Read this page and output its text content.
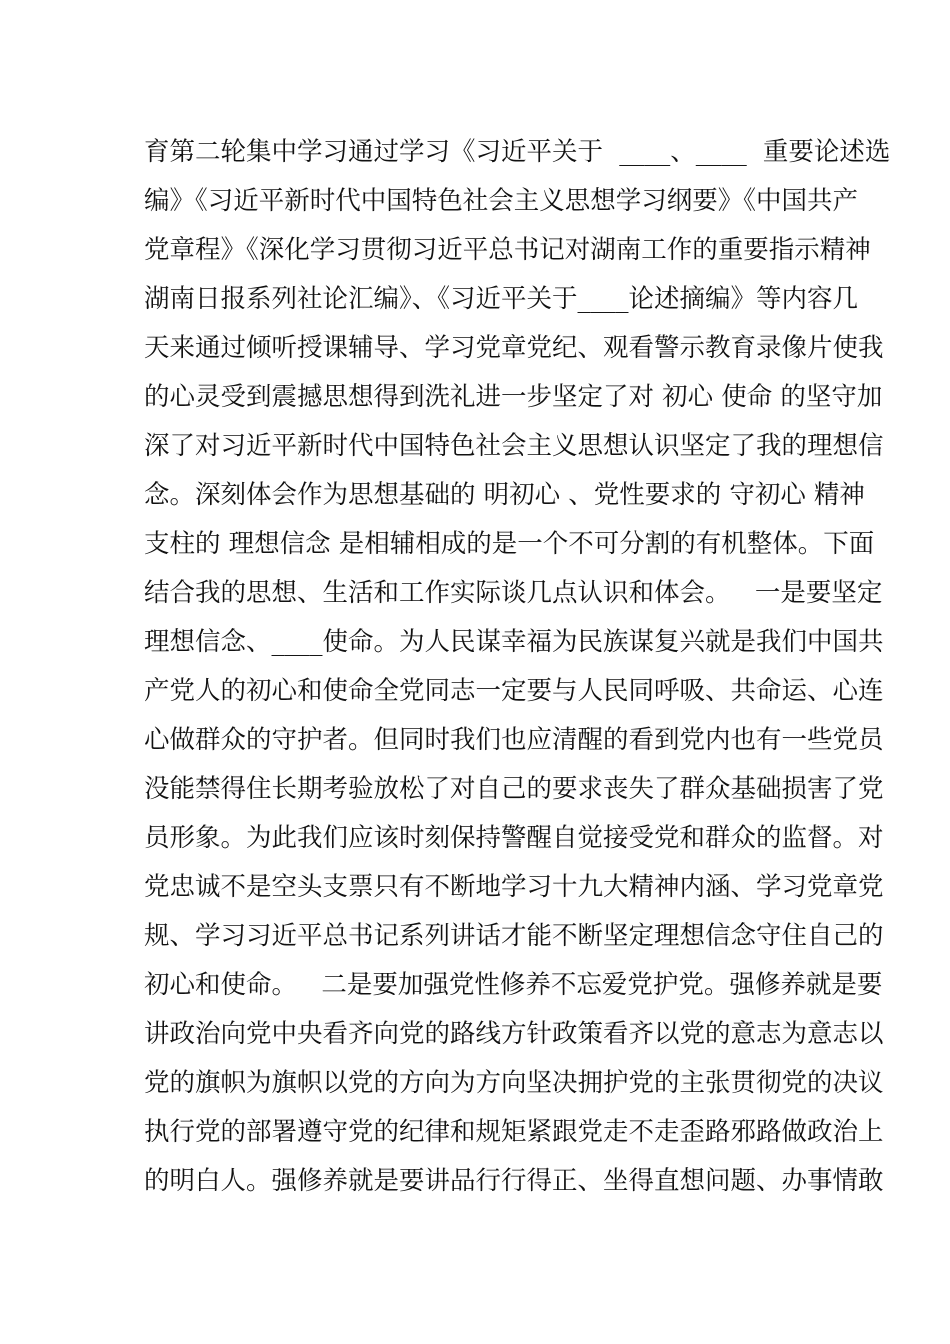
育第二轮集中学习通过学习《习近平关于  ____、____  重要论述选
编》《习近平新时代中国特色社会主义思想学习纲要》《中国共产
党章程》《深化学习贯彻习近平总书记对湖南工作的重要指示精神
湖南日报系列社论汇编》、《习近平关于____论述摘编》等内容几
天来通过倾听授课辅导、学习党章党纪、观看警示教育录像片使我
的心灵受到震撼思想得到洗礼进一步坚定了对 初心 使命 的坚守加
深了对习近平新时代中国特色社会主义思想认识坚定了我的理想信
念。深刻体会作为思想基础的 明初心 、党性要求的 守初心 精神
支柱的 理想信念 是相辅相成的是一个不可分割的有机整体。下面
结合我的思想、生活和工作实际谈几点认识和体会。   一是要坚定
理想信念、____使命。为人民谋幸福为民族谋复兴就是我们中国共
产党人的初心和使命全党同志一定要与人民同呼吸、共命运、心连
心做群众的守护者。但同时我们也应清醒的看到党内也有一些党员
没能禁得住长期考验放松了对自己的要求丧失了群众基础损害了党
员形象。为此我们应该时刻保持警醒自觉接受党和群众的监督。对
党忠诚不是空头支票只有不断地学习十九大精神内涵、学习党章党
规、学习习近平总书记系列讲话才能不断坚定理想信念守住自己的
初心和使命。   二是要加强党性修养不忘爱党护党。强修养就是要
讲政治向党中央看齐向党的路线方针政策看齐以党的意志为意志以
党的旗帜为旗帜以党的方向为方向坚决拥护党的主张贯彻党的决议
执行党的部署遵守党的纪律和规矩紧跟党走不走歪路邪路做政治上
的明白人。强修养就是要讲品行行得正、坐得直想问题、办事情敢
